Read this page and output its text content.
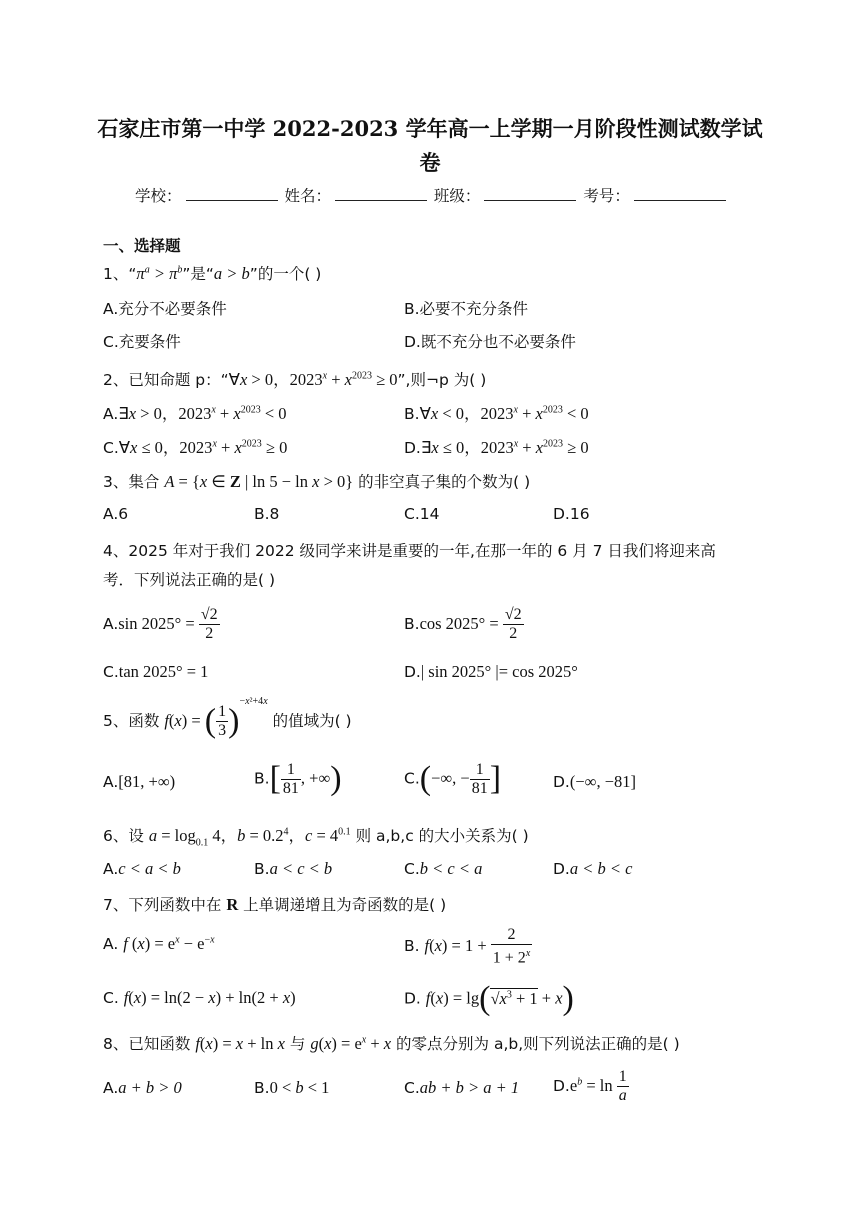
石家庄市第一中学 2022-2023 学年高一上学期一月阶段性测试数学试
卷
学校：	姓名：	班级：	考号：
一、选择题
1、“$\pi^a > \pi^b$”是“a > b”的一个( )
A.充分不必要条件	B.必要不充分条件
C.充要条件	D.既不充分也不必要条件
2、已知命题 p：“∀x > 0，$2023^x + x^{2023} \ge 0$”,则¬p 为( )
A.∃x > 0，$2023^x + x^{2023} < 0$	B.∀x < 0，$2023^x + x^{2023} < 0$
C.∀x ≤ 0，$2023^x + x^{2023} \ge 0$	D.∃x ≤ 0，$2023^x + x^{2023} \ge 0$
3、集合 A = {x ∈ Z | ln 5 − ln x > 0} 的非空真子集的个数为( )
A.6	B.8	C.14	D.16
4、2025 年对于我们 2022 级同学来讲是重要的一年,在那一年的 6 月 7 日我们将迎来高
考．下列说法正确的是( )
A.sin $2025^\circ = \frac{√2}{2}$	B.cos $2025^\circ = \frac{√2}{2}$
C.tan 2025° = 1	D.| sin 2025° |= cos 2025°
5、函数 f(x) = ( $\frac{1}{3} )^{-x^2+4x}$ 的值域为( )
A.[81, +∞)	$B.[ \frac{1}{81}$ , +∞)	C.(−∞, − $\frac{1}{81}$ ]	D.(−∞, −81]
6、设 $a = \log_{0.1} 4$，$b = 0.2^4$，$c = 4^{0.1}$ 则 a,b,c 的大小关系为( )
A.c < a < b	B.a < c < b	C.b < c < a	D.a < b < c
7、下列函数中在 R 上单调递增且为奇函数的是( )
A. f $(x) = e^x - e^{-x}$	B. $f(x) = 1 + \frac{2}{1 + 2^x}$
C. f(x) = ln(2 − x) + ln(2 + x)	D. $f(x) = \lg(√x^3 + 1 + x)$
8、已知函数 f(x) = x + ln x 与 $g(x) = e^x + x$ 的零点分别为 a,b,则下列说法正确的是( )
A.a + b > 0	B.0 < b < 1	C.ab + b > a + 1 $D.e^b = \ln \frac{1}{a}$
